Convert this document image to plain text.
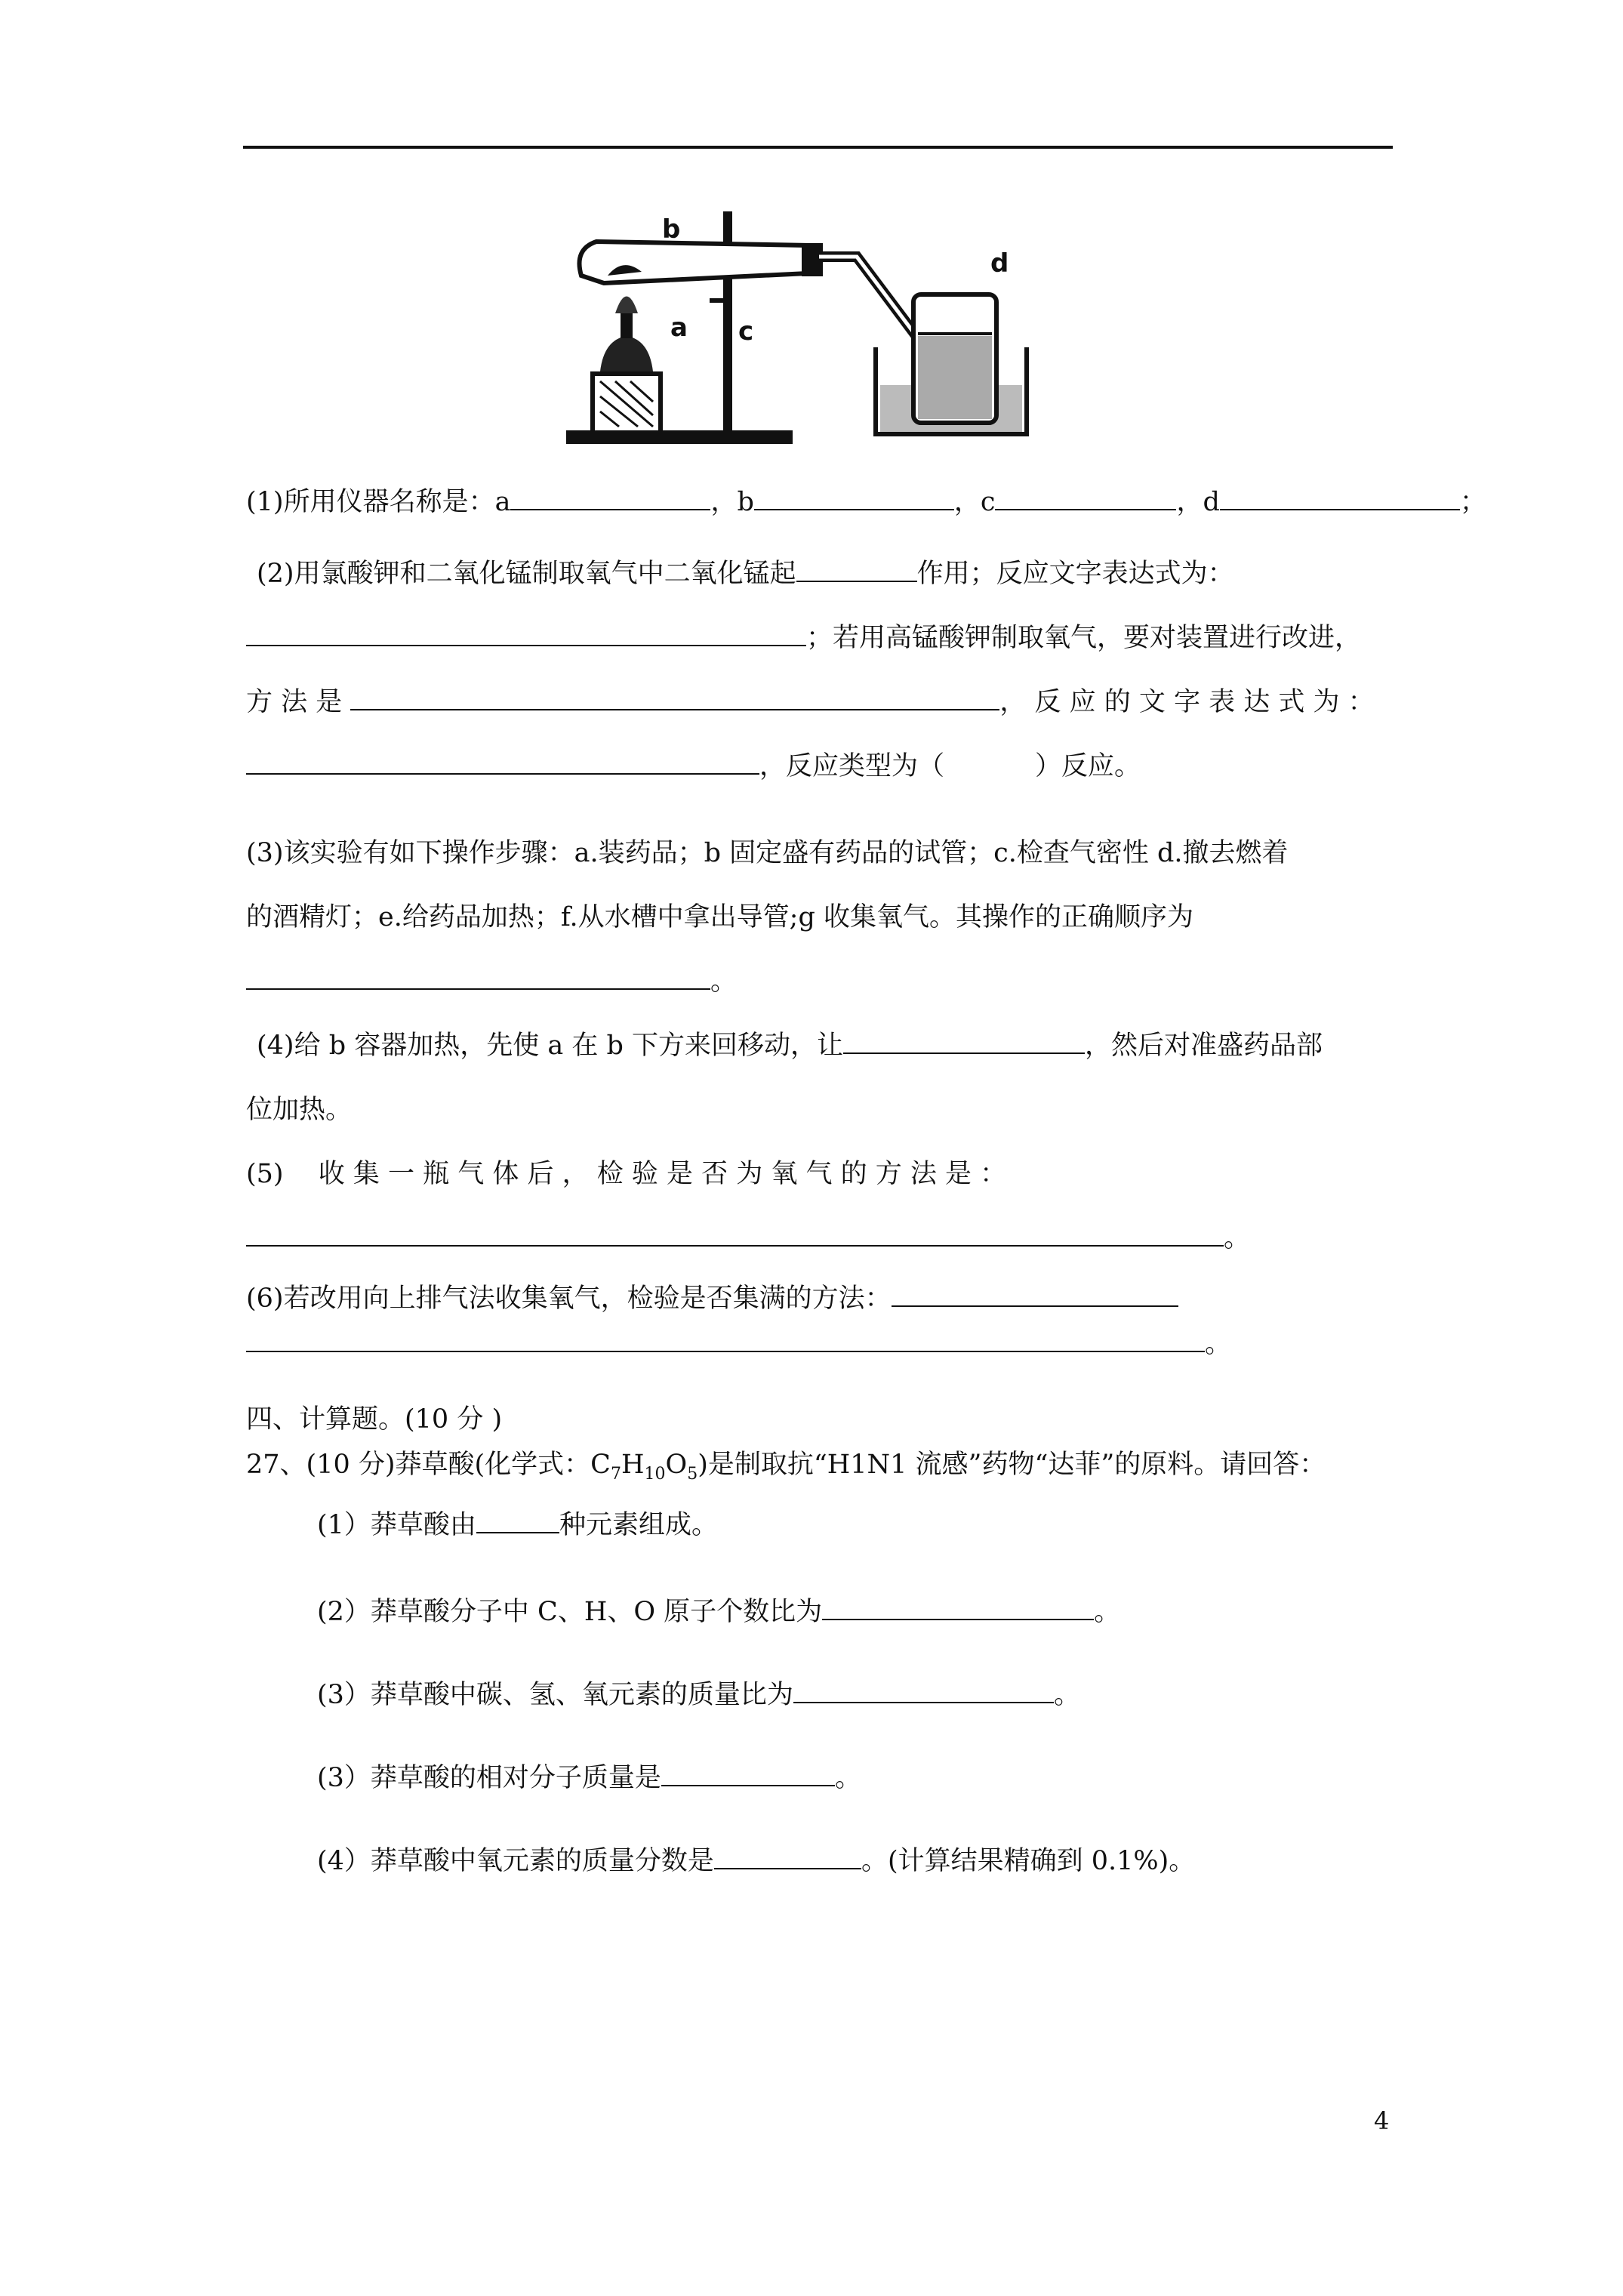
b
a c
d
(1)所用仪器名称是：a	，b	，c	，d	；
(2)用氯酸钾和二氧化锰制取氧气中二氧化锰起	作用；反应文字表达式为：
；若用高锰酸钾制取氧气，要对装置进行改进，
方 法 是	， 反 应 的 文 字 表 达 式 为 ：
，反应类型为（	）反应。
(3)该实验有如下操作步骤：a.装药品；b 固定盛有药品的试管；c.检查气密性 d.撤去燃着
的酒精灯；e.给药品加热；f.从水槽中拿出导管;g 收集氧气。其操作的正确顺序为
。
(4)给 b 容器加热，先使 a 在 b 下方来回移动，让	，然后对准盛药品部
位加热。
(5)　 收 集 一 瓶 气 体 后 ， 检 验 是 否 为 氧 气 的 方 法 是 ：
。
(6)若改用向上排气法收集氧气，检验是否集满的方法：
。
四、计算题。(10 分 )
27、(10 分)莽草酸(化学式：$C_7H_{10}O_5$)是制取抗“H1N1 流感”药物“达菲”的原料。请回答：
(1）莽草酸由	种元素组成。
(2）莽草酸分子中 C、H、O 原子个数比为	。
(3）莽草酸中碳、氢、氧元素的质量比为	。
(3）莽草酸的相对分子质量是	。
(4）莽草酸中氧元素的质量分数是	。(计算结果精确到 0.1%)。
4
